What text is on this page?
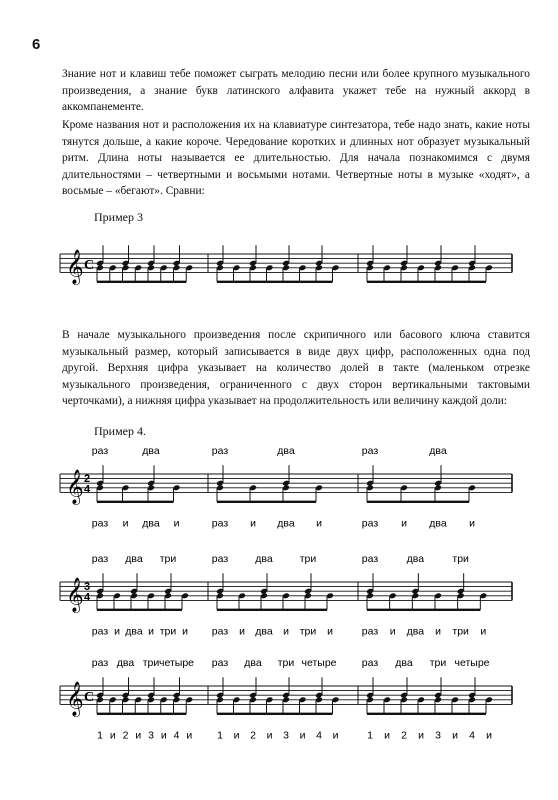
6

Знание нот и клавиш тебе поможет сыграть мелодию песни или более крупного музыкального произведения, а знание букв латинского алфавита укажет тебе на нужный аккорд в аккомпанементе.

Кроме названия нот и расположения их на клавиатуре синтезатора, тебе надо знать, какие ноты тянутся дольше, а какие короче. Чередование коротких и длинных нот образует музыкальный ритм. Длина ноты называется ее длительностью. Для начала познакомимся с двумя длительностями – четвертными и восьмыми нотами. Четвертные ноты в музыке «ходят», а восьмые – «бегают». Сравни:

Пример 3
𝄞 C

В начале музыкального произведения после скрипичного или басового ключа ставится музыкальный размер, который записывается в виде двух цифр, расположенных одна под другой. Верхняя цифра указывает на количество долей в такте (маленьком отрезке музыкального произведения, ограниченного с двух сторон вертикальными тактовыми черточками), а нижняя цифра указывает на продолжительность или величину каждой доли:

Пример 4.
𝄞 2
4
раз	два	раз	два	раз	два
раз и два и	раз и два и	раз и два и
𝄞 3
4
раз два три	раз	два	три	раз	два	три
раз и два и три и раз и два и три и	раз и два и три и
𝄞 C
раз два три четыре раз два три четыре раз два три четыре
1 и 2 и 3 и 4 и 1 и 2 и 3 и 4 и	1 и 2 и 3 и 4 и
